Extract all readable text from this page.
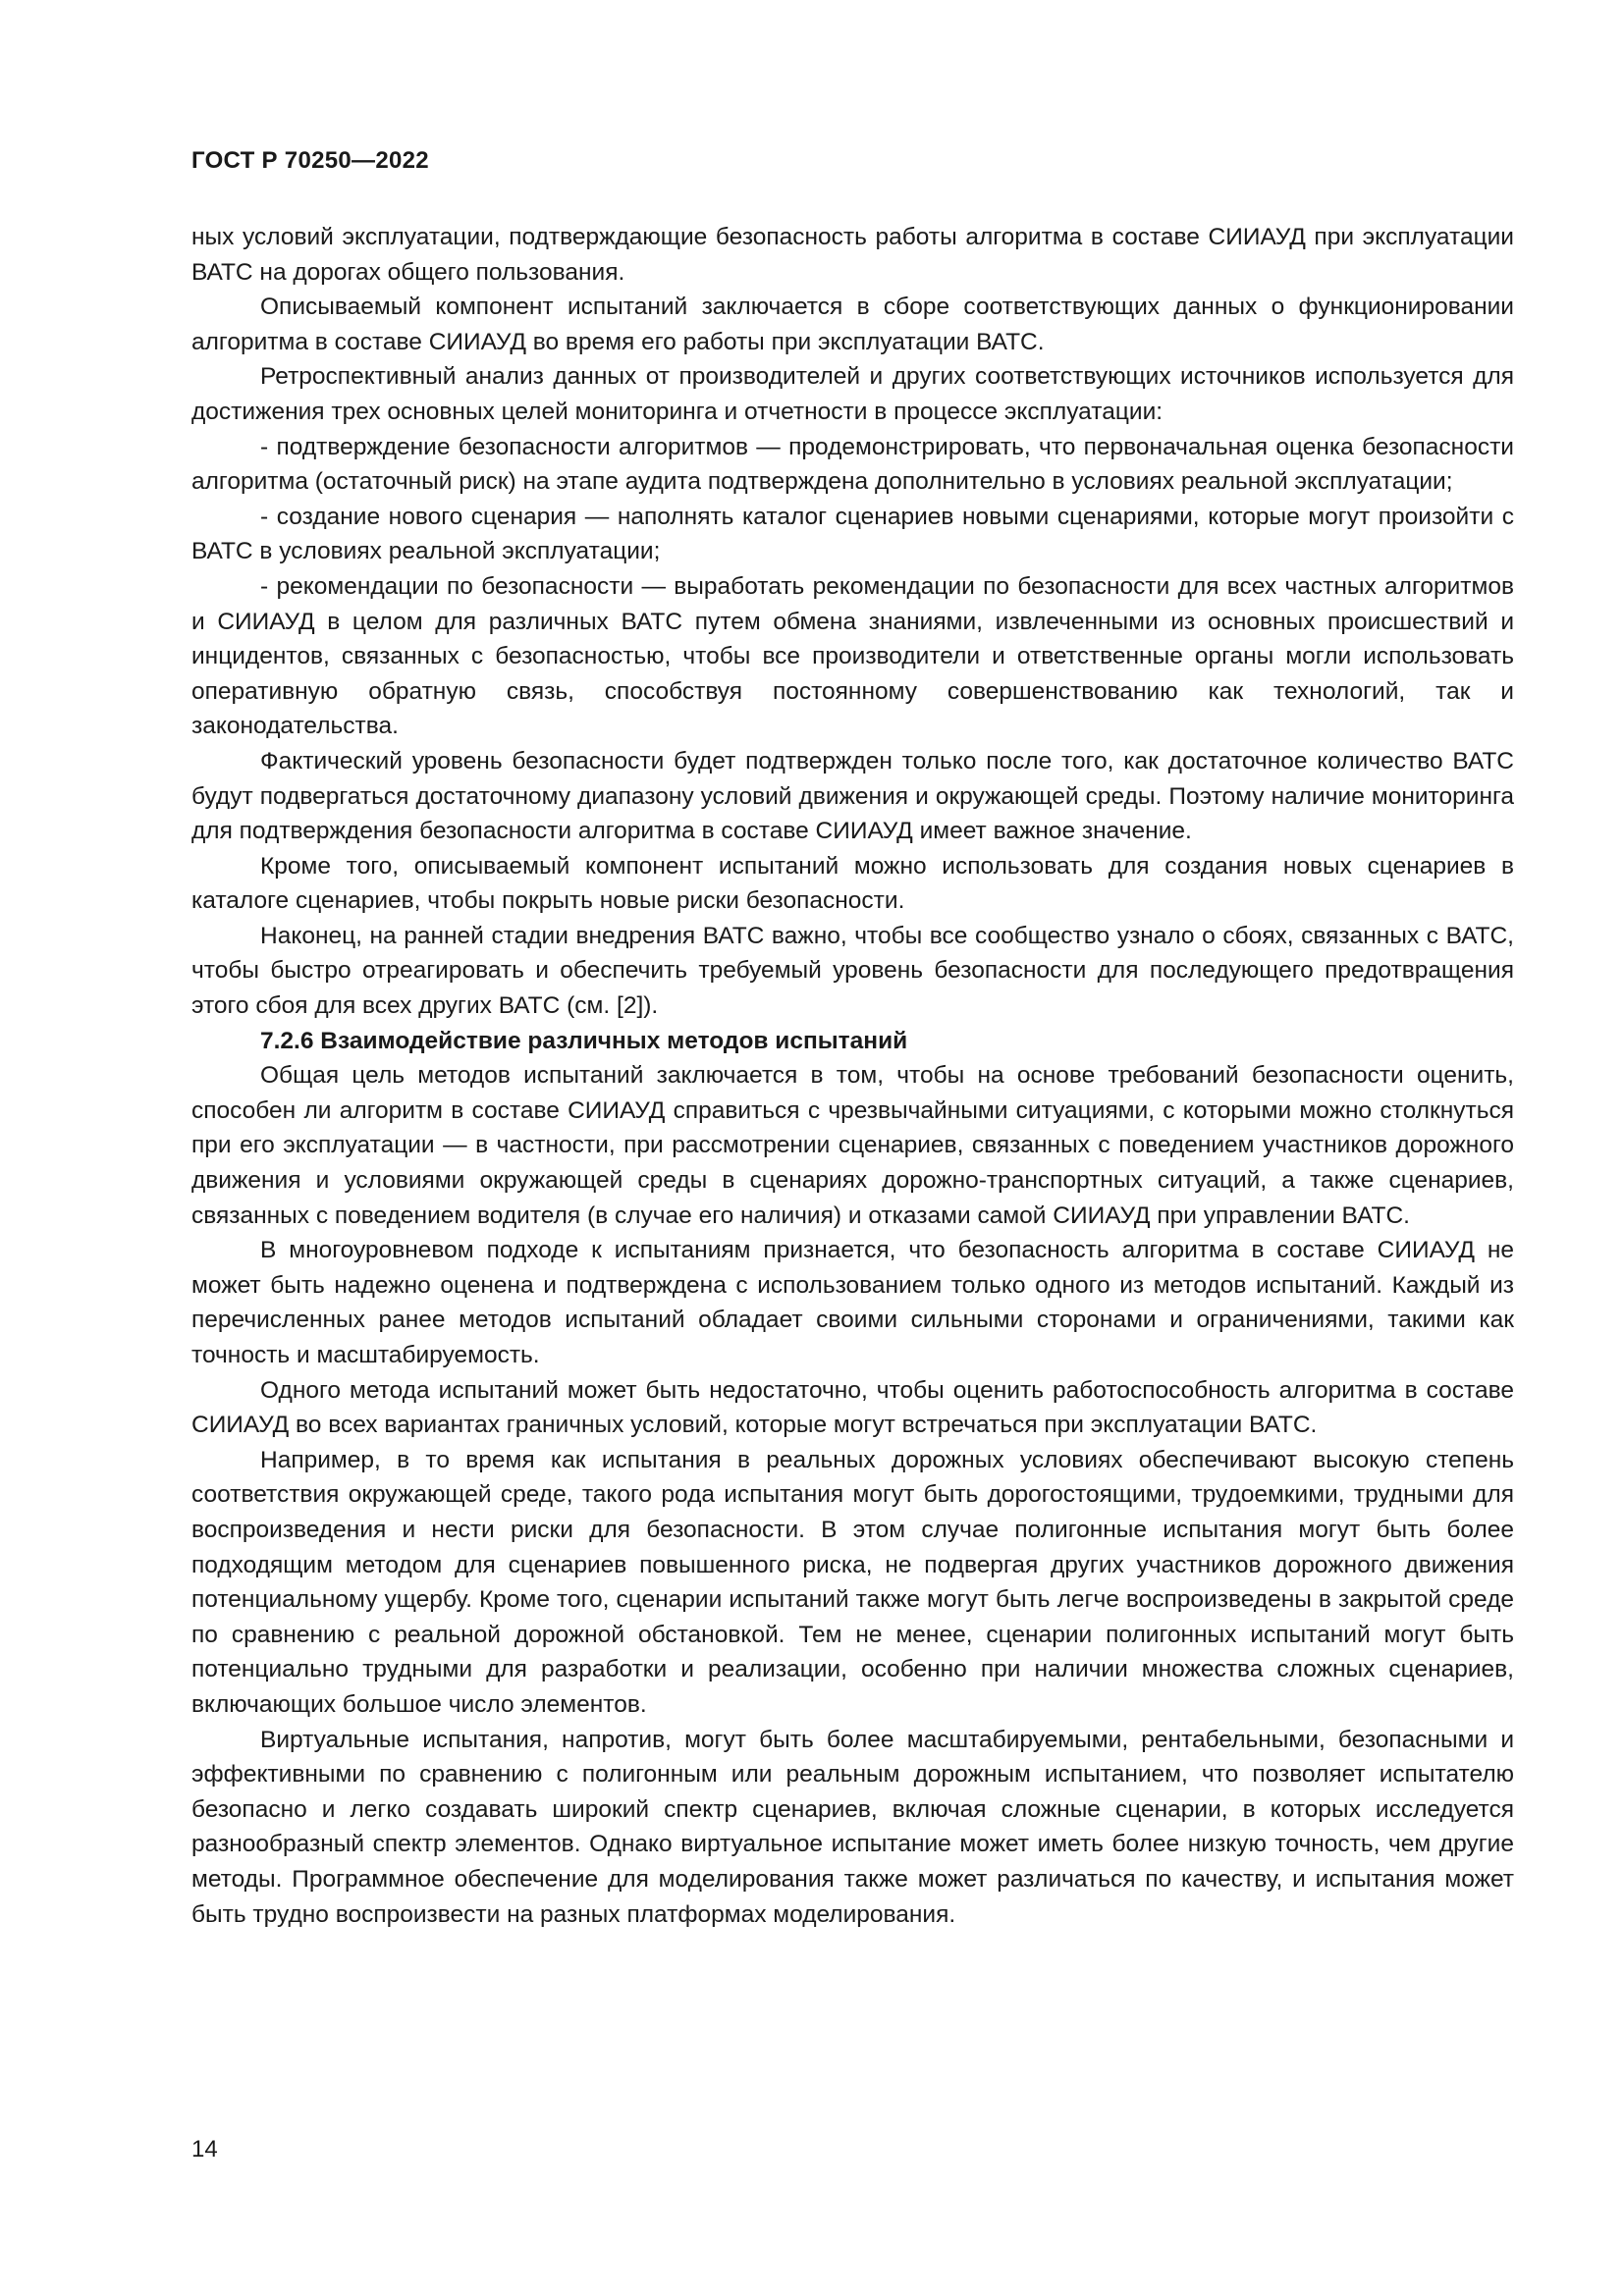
ГОСТ Р 70250—2022

ных условий эксплуатации, подтверждающие безопасность работы алгоритма в составе СИИАУД при эксплуатации ВАТС на дорогах общего пользования.

Описываемый компонент испытаний заключается в сборе соответствующих данных о функционировании алгоритма в составе СИИАУД во время его работы при эксплуатации ВАТС.

Ретроспективный анализ данных от производителей и других соответствующих источников используется для достижения трех основных целей мониторинга и отчетности в процессе эксплуатации:

- подтверждение безопасности алгоритмов — продемонстрировать, что первоначальная оценка безопасности алгоритма (остаточный риск) на этапе аудита подтверждена дополнительно в условиях реальной эксплуатации;

- создание нового сценария — наполнять каталог сценариев новыми сценариями, которые могут произойти с ВАТС в условиях реальной эксплуатации;

- рекомендации по безопасности — выработать рекомендации по безопасности для всех частных алгоритмов и СИИАУД в целом для различных ВАТС путем обмена знаниями, извлеченными из основных происшествий и инцидентов, связанных с безопасностью, чтобы все производители и ответственные органы могли использовать оперативную обратную связь, способствуя постоянному совершенствованию как технологий, так и законодательства.

Фактический уровень безопасности будет подтвержден только после того, как достаточное количество ВАТС будут подвергаться достаточному диапазону условий движения и окружающей среды. Поэтому наличие мониторинга для подтверждения безопасности алгоритма в составе СИИАУД имеет важное значение.

Кроме того, описываемый компонент испытаний можно использовать для создания новых сценариев в каталоге сценариев, чтобы покрыть новые риски безопасности.

Наконец, на ранней стадии внедрения ВАТС важно, чтобы все сообщество узнало о сбоях, связанных с ВАТС, чтобы быстро отреагировать и обеспечить требуемый уровень безопасности для последующего предотвращения этого сбоя для всех других ВАТС (см. [2]).

7.2.6 Взаимодействие различных методов испытаний

Общая цель методов испытаний заключается в том, чтобы на основе требований безопасности оценить, способен ли алгоритм в составе СИИАУД справиться с чрезвычайными ситуациями, с которыми можно столкнуться при его эксплуатации — в частности, при рассмотрении сценариев, связанных с поведением участников дорожного движения и условиями окружающей среды в сценариях дорожно-транспортных ситуаций, а также сценариев, связанных с поведением водителя (в случае его наличия) и отказами самой СИИАУД при управлении ВАТС.

В многоуровневом подходе к испытаниям признается, что безопасность алгоритма в составе СИИАУД не может быть надежно оценена и подтверждена с использованием только одного из методов испытаний. Каждый из перечисленных ранее методов испытаний обладает своими сильными сторонами и ограничениями, такими как точность и масштабируемость.

Одного метода испытаний может быть недостаточно, чтобы оценить работоспособность алгоритма в составе СИИАУД во всех вариантах граничных условий, которые могут встречаться при эксплуатации ВАТС.

Например, в то время как испытания в реальных дорожных условиях обеспечивают высокую степень соответствия окружающей среде, такого рода испытания могут быть дорогостоящими, трудоемкими, трудными для воспроизведения и нести риски для безопасности. В этом случае полигонные испытания могут быть более подходящим методом для сценариев повышенного риска, не подвергая других участников дорожного движения потенциальному ущербу. Кроме того, сценарии испытаний также могут быть легче воспроизведены в закрытой среде по сравнению с реальной дорожной обстановкой. Тем не менее, сценарии полигонных испытаний могут быть потенциально трудными для разработки и реализации, особенно при наличии множества сложных сценариев, включающих большое число элементов.

Виртуальные испытания, напротив, могут быть более масштабируемыми, рентабельными, безопасными и эффективными по сравнению с полигонным или реальным дорожным испытанием, что позволяет испытателю безопасно и легко создавать широкий спектр сценариев, включая сложные сценарии, в которых исследуется разнообразный спектр элементов. Однако виртуальное испытание может иметь более низкую точность, чем другие методы. Программное обеспечение для моделирования также может различаться по качеству, и испытания может быть трудно воспроизвести на разных платформах моделирования.

14
